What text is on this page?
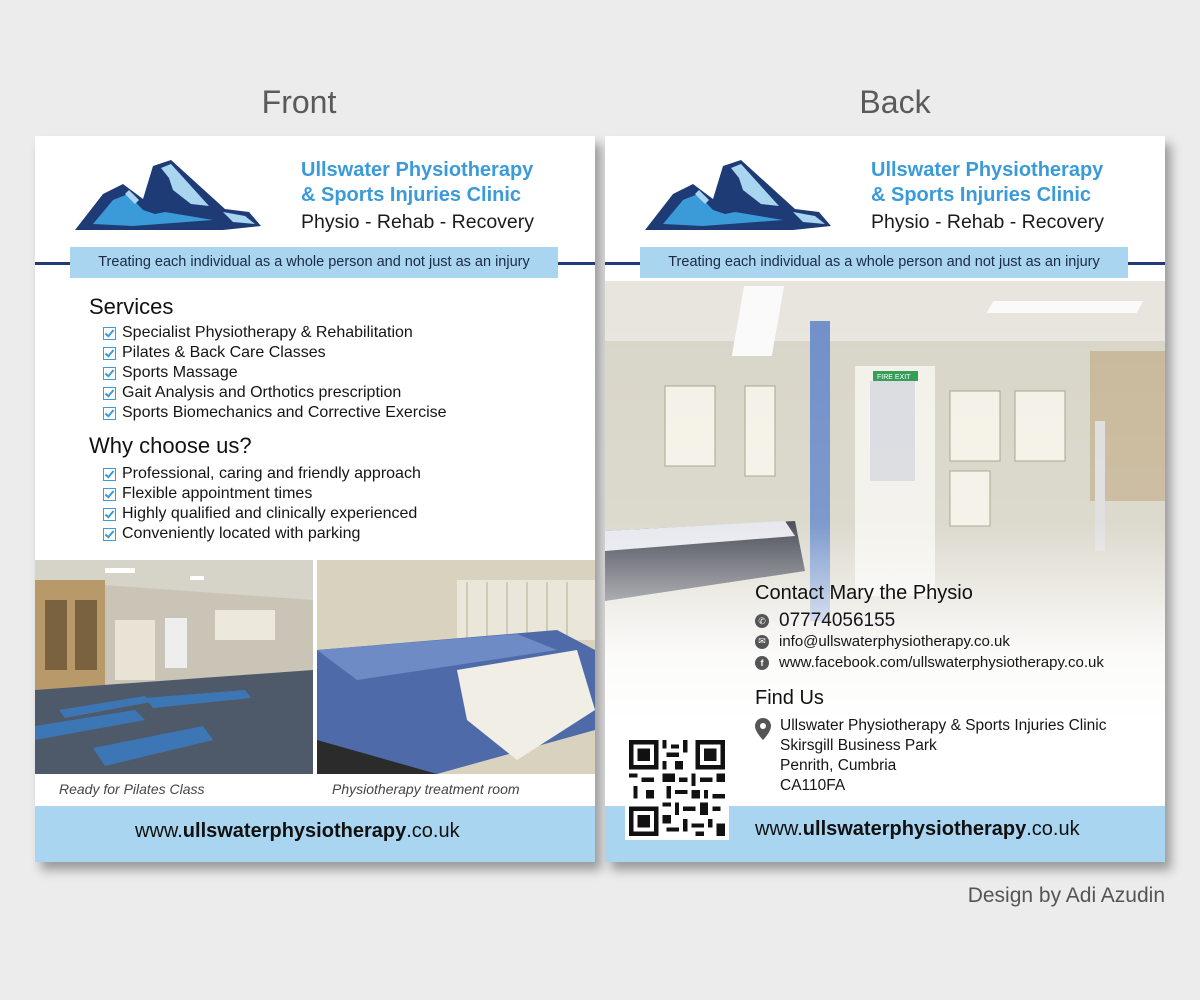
Front	Back
Ullswater Physiotherapy
& Sports Injuries Clinic
Physio - Rehab - Recovery
Treating each individual as a whole person and not just as an injury
Services
Specialist Physiotherapy & Rehabilitation
Pilates & Back Care Classes
Sports Massage
Gait Analysis and Orthotics prescription
Sports Biomechanics and Corrective Exercise
Why choose us?
Professional, caring and friendly approach
Flexible appointment times
Highly qualified and clinically experienced
Conveniently located with parking
Ready for Pilates Class	Physiotherapy treatment room
www.ullswaterphysiotherapy.co.uk
Ullswater Physiotherapy
& Sports Injuries Clinic
Physio - Rehab - Recovery
Treating each individual as a whole person and not just as an injury
Contact Mary the Physio
✆ 07774056155
✉ info@ullswaterphysiotherapy.co.uk
f	www.facebook.com/ullswaterphysiotherapy.co.uk
Find Us
Ullswater Physiotherapy & Sports Injuries Clinic
Skirsgill Business Park
Penrith, Cumbria
CA110FA
www.ullswaterphysiotherapy.co.uk
Design by Adi Azudin
